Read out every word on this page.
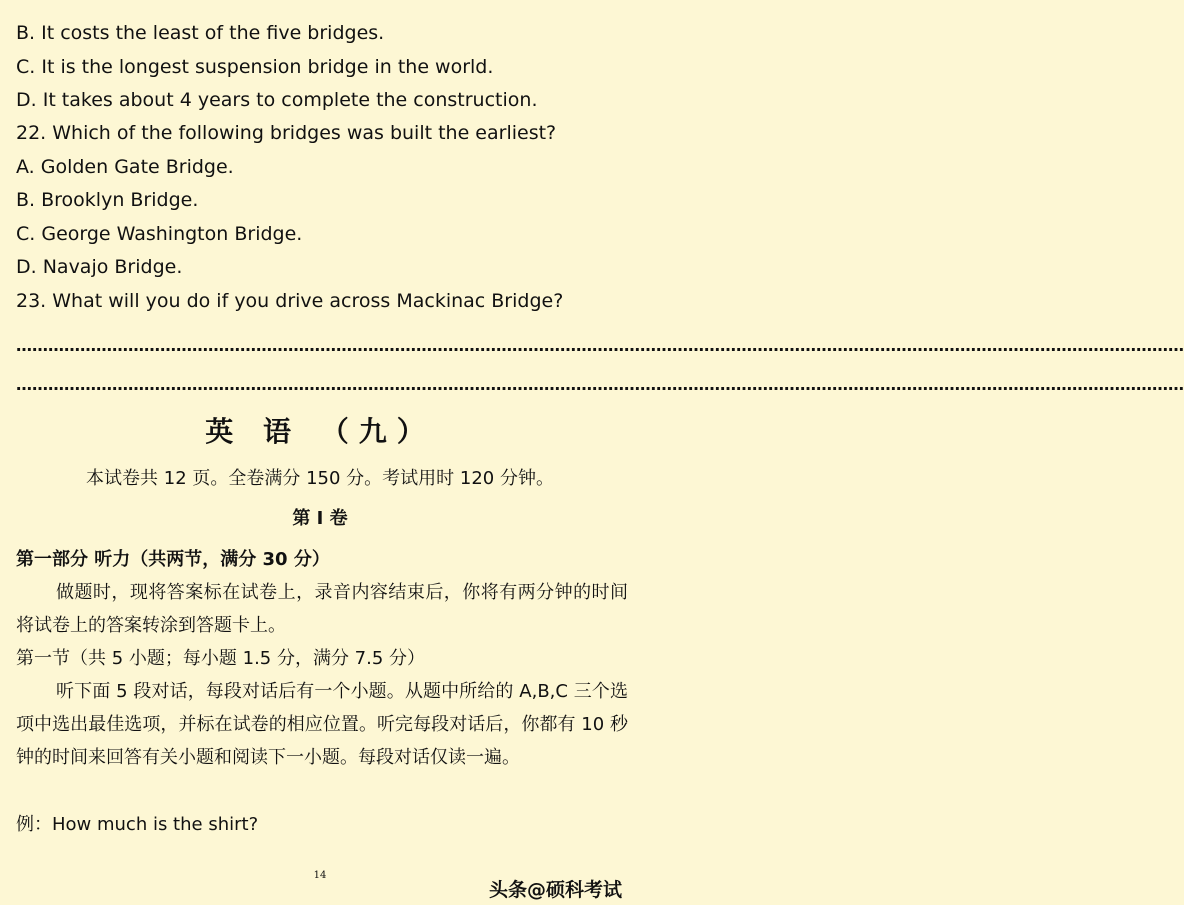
B. It costs the least of the five bridges.
C. It is the longest suspension bridge in the world.
D. It takes about 4 years to complete the construction.
22. Which of the following bridges was built the earliest?
A. Golden Gate Bridge.
B. Brooklyn Bridge.
C. George Washington Bridge.
D. Navajo Bridge.
23. What will you do if you drive across Mackinac Bridge?
…………………………………………………………………………………………………………………………………………………………………………………………………
…………………………………………………………………………………………………………………………………………………………………………………………………
英 语 （九）
本试卷共 12 页。全卷满分 150 分。考试用时 120 分钟。
第 I 卷
第一部分 听力（共两节，满分 30 分）
做题时，现将答案标在试卷上，录音内容结束后，你将有两分钟的时间将试卷上的答案转涂到答题卡上。
第一节（共 5 小题；每小题 1.5 分，满分 7.5 分）
听下面 5 段对话，每段对话后有一个小题。从题中所给的 A,B,C 三个选项中选出最佳选项，并标在试卷的相应位置。听完每段对话后，你都有 10 秒钟的时间来回答有关小题和阅读下一小题。每段对话仅读一遍。
例：How much is the shirt?
14
头条@硕科考试
